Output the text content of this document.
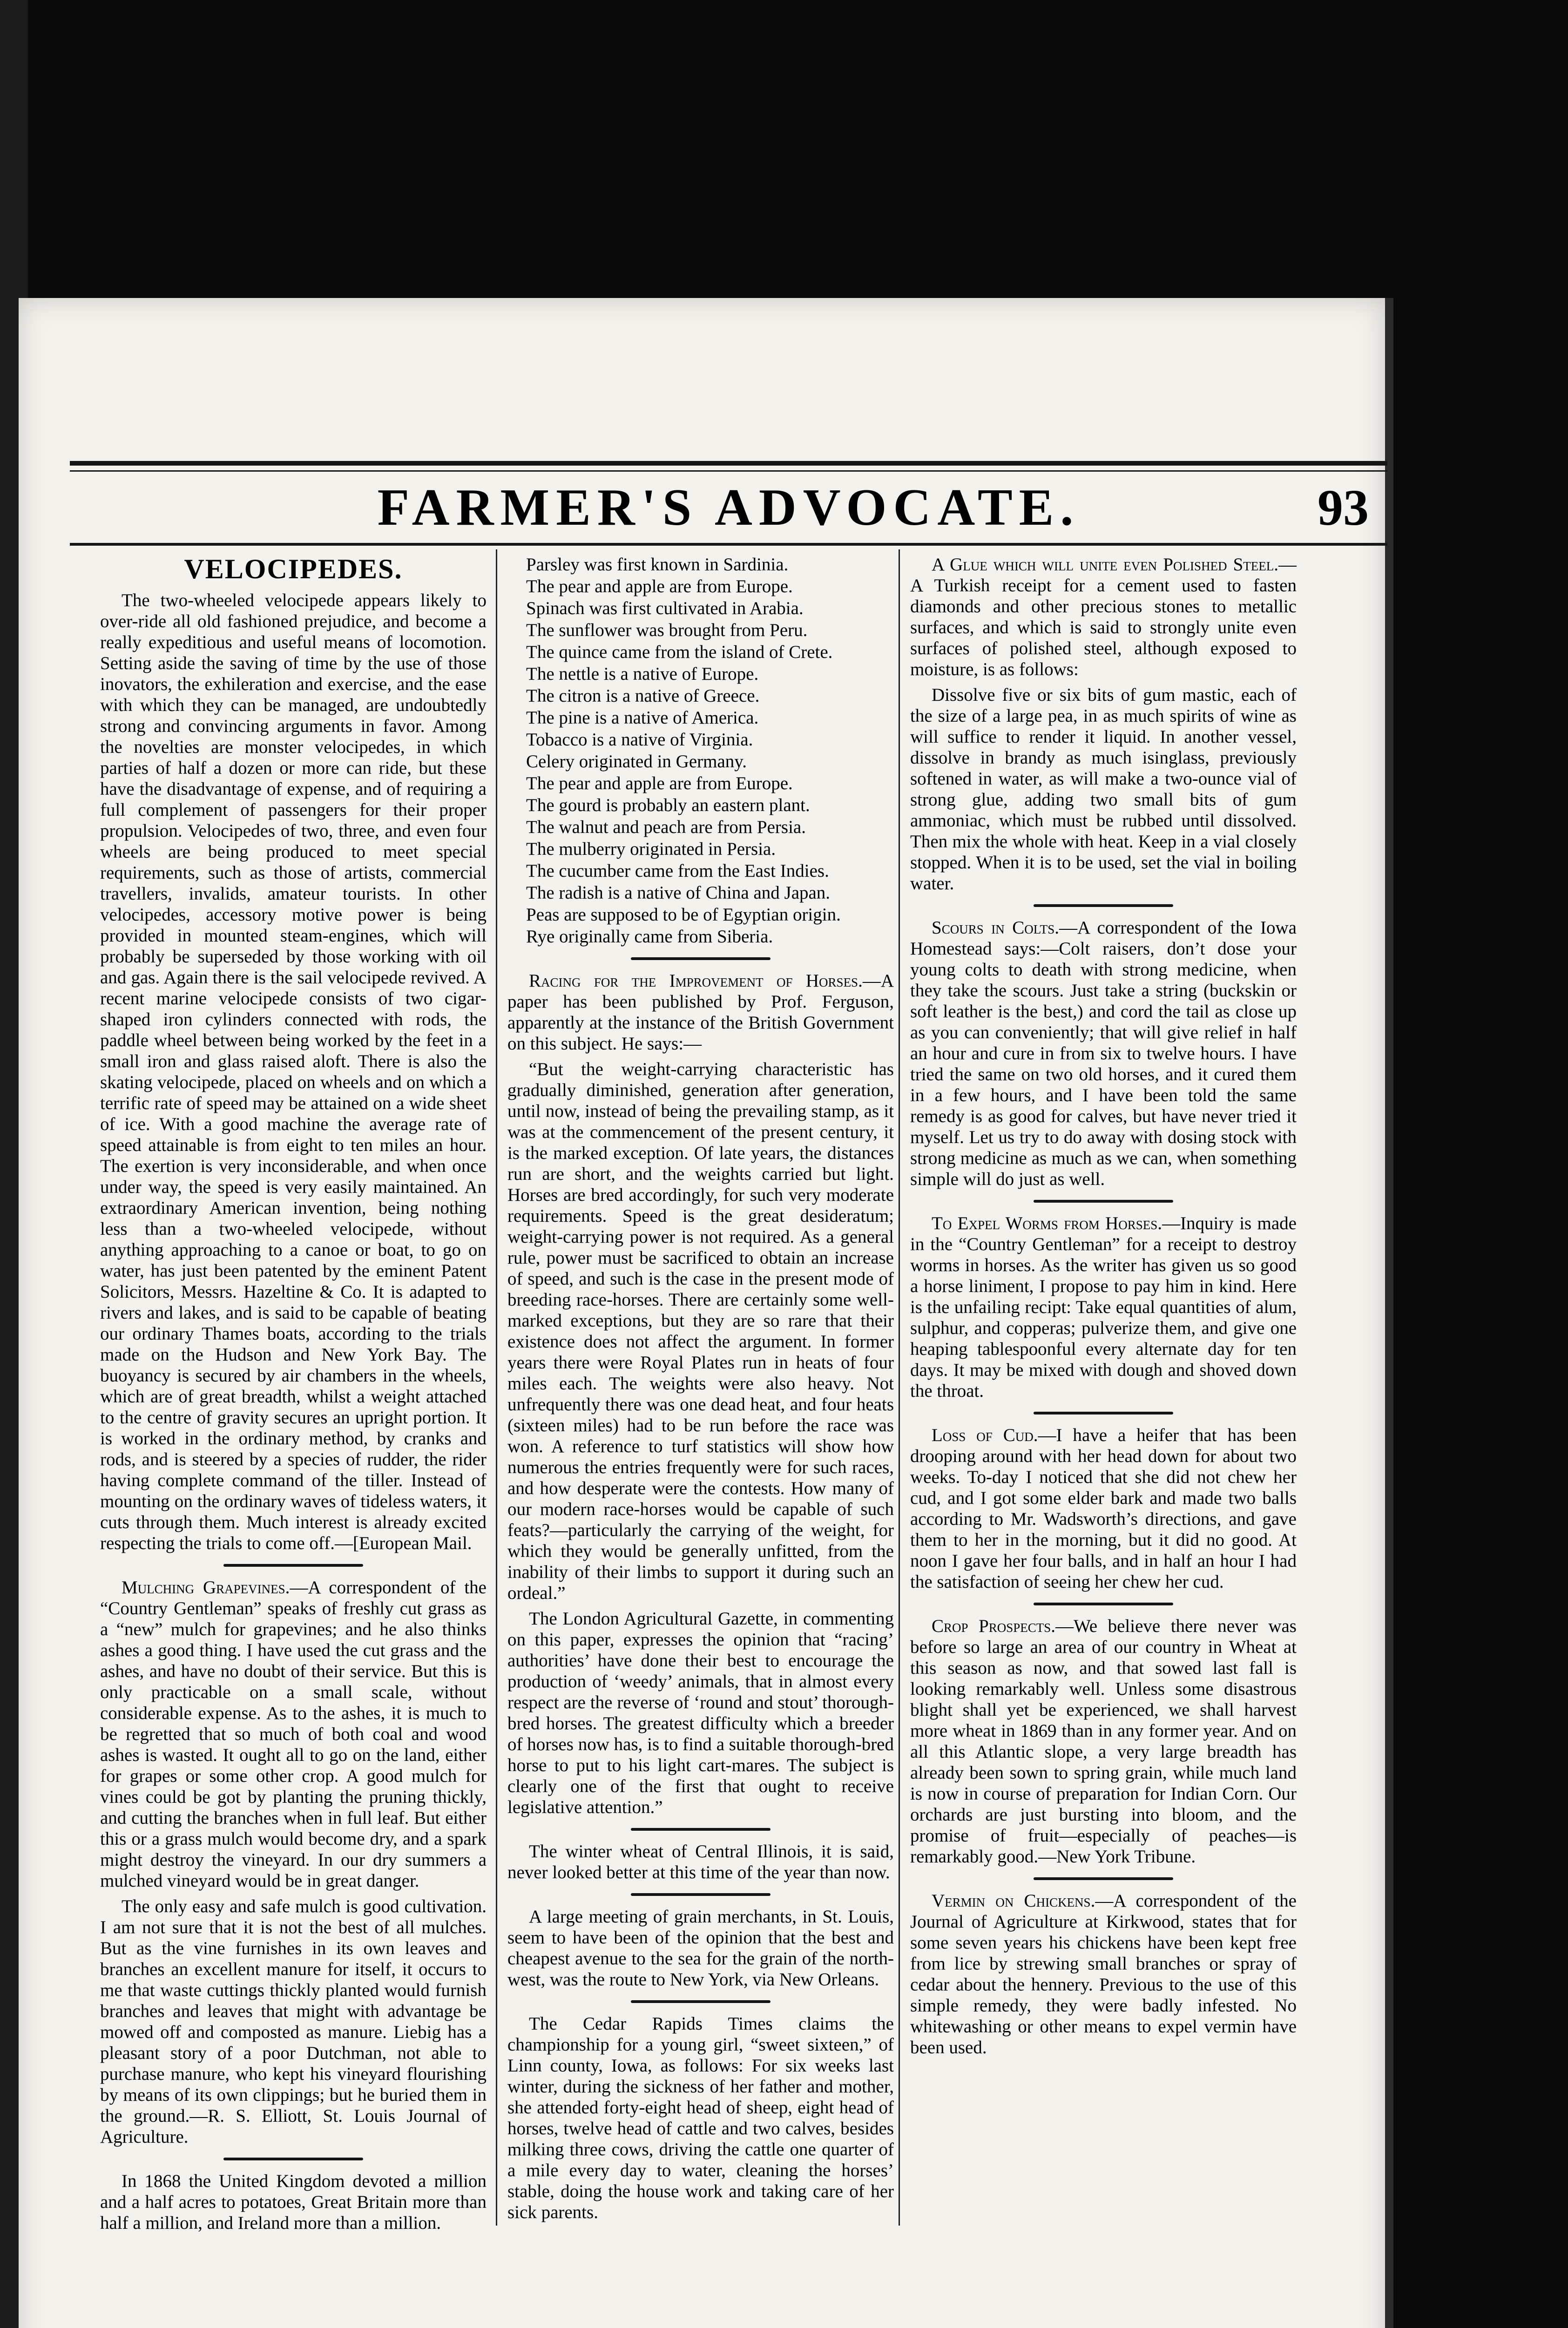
FARMER'S ADVOCATE.	93
VELOCIPEDES.

The two-wheeled velocipede appears likely to over-ride all old fashioned prejudice, and become a really expeditious and useful means of locomotion. Setting aside the saving of time by the use of those inovators, the exhileration and exercise, and the ease with which they can be managed, are undoubtedly strong and convincing arguments in favor. Among the novelties are monster velocipedes, in which parties of half a dozen or more can ride, but these have the disadvantage of expense, and of requiring a full complement of passengers for their proper propulsion. Velocipedes of two, three, and even four wheels are being produced to meet special requirements, such as those of artists, commercial travellers, invalids, amateur tourists. In other velocipedes, accessory motive power is being provided in mounted steam-engines, which will probably be superseded by those working with oil and gas. Again there is the sail velocipede revived. A recent marine velocipede consists of two cigar-shaped iron cylinders connected with rods, the paddle wheel between being worked by the feet in a small iron and glass raised aloft. There is also the skating velocipede, placed on wheels and on which a terrific rate of speed may be attained on a wide sheet of ice. With a good machine the average rate of speed attainable is from eight to ten miles an hour. The exertion is very inconsiderable, and when once under way, the speed is very easily maintained. An extraordinary American invention, being nothing less than a two-wheeled velocipede, without anything approaching to a canoe or boat, to go on water, has just been patented by the eminent Patent Solicitors, Messrs. Hazeltine & Co. It is adapted to rivers and lakes, and is said to be capable of beating our ordinary Thames boats, according to the trials made on the Hudson and New York Bay. The buoyancy is secured by air chambers in the wheels, which are of great breadth, whilst a weight attached to the centre of gravity secures an upright portion. It is worked in the ordinary method, by cranks and rods, and is steered by a species of rudder, the rider having complete command of the tiller. Instead of mounting on the ordinary waves of tideless waters, it cuts through them. Much interest is already excited respecting the trials to come off.—[European Mail.

Mulching Grapevines.—A correspondent of the “Country Gentleman” speaks of freshly cut grass as a “new” mulch for grapevines; and he also thinks ashes a good thing. I have used the cut grass and the ashes, and have no doubt of their service. But this is only practicable on a small scale, without considerable expense. As to the ashes, it is much to be regretted that so much of both coal and wood ashes is wasted. It ought all to go on the land, either for grapes or some other crop. A good mulch for vines could be got by planting the pruning thickly, and cutting the branches when in full leaf. But either this or a grass mulch would become dry, and a spark might destroy the vineyard. In our dry summers a mulched vineyard would be in great danger.

The only easy and safe mulch is good cultivation. I am not sure that it is not the best of all mulches. But as the vine furnishes in its own leaves and branches an excellent manure for itself, it occurs to me that waste cuttings thickly planted would furnish branches and leaves that might with advantage be mowed off and composted as manure. Liebig has a pleasant story of a poor Dutchman, not able to purchase manure, who kept his vineyard flourishing by means of its own clippings; but he buried them in the ground.—R. S. Elliott, St. Louis Journal of Agriculture.

In 1868 the United Kingdom devoted a million and a half acres to potatoes, Great Britain more than half a million, and Ireland more than a million.

Parsley was first known in Sardinia.
The pear and apple are from Europe.
Spinach was first cultivated in Arabia.
The sunflower was brought from Peru.
The quince came from the island of Crete.
The nettle is a native of Europe.
The citron is a native of Greece.
The pine is a native of America.
Tobacco is a native of Virginia.
Celery originated in Germany.
The pear and apple are from Europe.
The gourd is probably an eastern plant.
The walnut and peach are from Persia.
The mulberry originated in Persia.
The cucumber came from the East Indies.
The radish is a native of China and Japan.
Peas are supposed to be of Egyptian origin.
Rye originally came from Siberia.

Racing for the Improvement of Horses.—A paper has been published by Prof. Ferguson, apparently at the instance of the British Government on this subject. He says:—

“But the weight-carrying characteristic has gradually diminished, generation after generation, until now, instead of being the prevailing stamp, as it was at the commencement of the present century, it is the marked exception. Of late years, the distances run are short, and the weights carried but light. Horses are bred accordingly, for such very moderate requirements. Speed is the great desideratum; weight-carrying power is not required. As a general rule, power must be sacrificed to obtain an increase of speed, and such is the case in the present mode of breeding race-horses. There are certainly some well-marked exceptions, but they are so rare that their existence does not affect the argument. In former years there were Royal Plates run in heats of four miles each. The weights were also heavy. Not unfrequently there was one dead heat, and four heats (sixteen miles) had to be run before the race was won. A reference to turf statistics will show how numerous the entries frequently were for such races, and how desperate were the contests. How many of our modern race-horses would be capable of such feats?—particularly the carrying of the weight, for which they would be generally unfitted, from the inability of their limbs to support it during such an ordeal.”

The London Agricultural Gazette, in commenting on this paper, expresses the opinion that “racing’ authorities’ have done their best to encourage the production of ‘weedy’ animals, that in almost every respect are the reverse of ‘round and stout’ thorough-bred horses. The greatest difficulty which a breeder of horses now has, is to find a suitable thorough-bred horse to put to his light cart-mares. The subject is clearly one of the first that ought to receive legislative attention.”

The winter wheat of Central Illinois, it is said, never looked better at this time of the year than now.

A large meeting of grain merchants, in St. Louis, seem to have been of the opinion that the best and cheapest avenue to the sea for the grain of the north-west, was the route to New York, via New Orleans.

The Cedar Rapids Times claims the championship for a young girl, “sweet sixteen,” of Linn county, Iowa, as follows: For six weeks last winter, during the sickness of her father and mother, she attended forty-eight head of sheep, eight head of horses, twelve head of cattle and two calves, besides milking three cows, driving the cattle one quarter of a mile every day to water, cleaning the horses’ stable, doing the house work and taking care of her sick parents.

A Glue which will unite even Polished Steel.—A Turkish receipt for a cement used to fasten diamonds and other precious stones to metallic surfaces, and which is said to strongly unite even surfaces of polished steel, although exposed to moisture, is as follows:

Dissolve five or six bits of gum mastic, each of the size of a large pea, in as much spirits of wine as will suffice to render it liquid. In another vessel, dissolve in brandy as much isinglass, previously softened in water, as will make a two-ounce vial of strong glue, adding two small bits of gum ammoniac, which must be rubbed until dissolved. Then mix the whole with heat. Keep in a vial closely stopped. When it is to be used, set the vial in boiling water.

Scours in Colts.—A correspondent of the Iowa Homestead says:—Colt raisers, don’t dose your young colts to death with strong medicine, when they take the scours. Just take a string (buckskin or soft leather is the best,) and cord the tail as close up as you can conveniently; that will give relief in half an hour and cure in from six to twelve hours. I have tried the same on two old horses, and it cured them in a few hours, and I have been told the same remedy is as good for calves, but have never tried it myself. Let us try to do away with dosing stock with strong medicine as much as we can, when something simple will do just as well.

To Expel Worms from Horses.—Inquiry is made in the “Country Gentleman” for a receipt to destroy worms in horses. As the writer has given us so good a horse liniment, I propose to pay him in kind. Here is the unfailing recipt: Take equal quantities of alum, sulphur, and copperas; pulverize them, and give one heaping tablespoonful every alternate day for ten days. It may be mixed with dough and shoved down the throat.

Loss of Cud.—I have a heifer that has been drooping around with her head down for about two weeks. To-day I noticed that she did not chew her cud, and I got some elder bark and made two balls according to Mr. Wadsworth’s directions, and gave them to her in the morning, but it did no good. At noon I gave her four balls, and in half an hour I had the satisfaction of seeing her chew her cud.

Crop Prospects.—We believe there never was before so large an area of our country in Wheat at this season as now, and that sowed last fall is looking remarkably well. Unless some disastrous blight shall yet be experienced, we shall harvest more wheat in 1869 than in any former year. And on all this Atlantic slope, a very large breadth has already been sown to spring grain, while much land is now in course of preparation for Indian Corn. Our orchards are just bursting into bloom, and the promise of fruit—especially of peaches—is remarkably good.—New York Tribune.

Vermin on Chickens.—A correspondent of the Journal of Agriculture at Kirkwood, states that for some seven years his chickens have been kept free from lice by strewing small branches or spray of cedar about the hennery. Previous to the use of this simple remedy, they were badly infested. No whitewashing or other means to expel vermin have been used.
